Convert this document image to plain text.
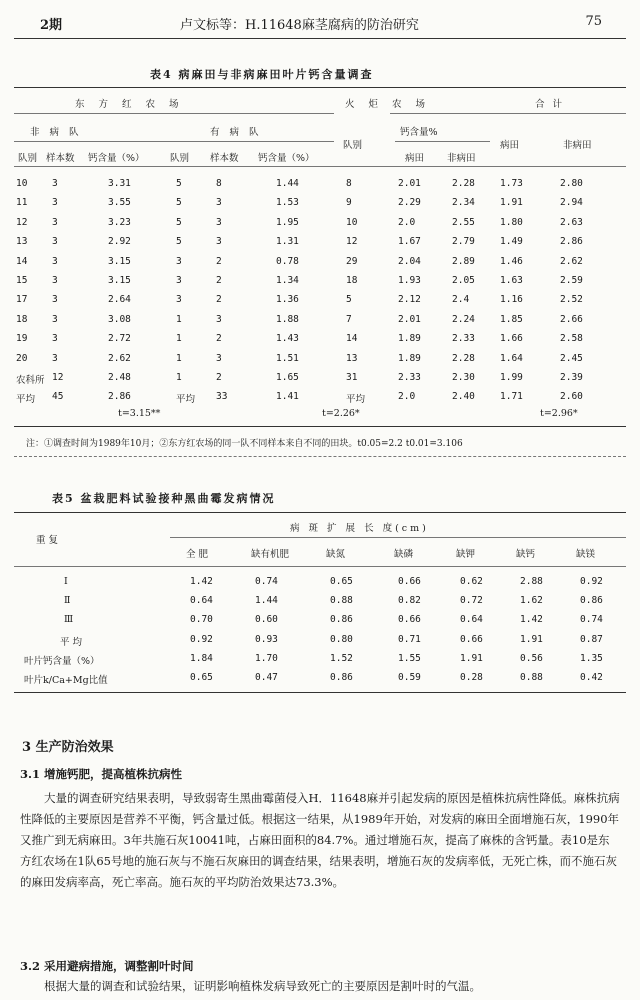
2期	卢文标等：H.11648麻茎腐病的防治研究	75
表4 病麻田与非病麻田叶片钙含量调查
东方红农场	火炬农场	合计
非病队	有病队
队别
钙含量%
病田	非病田
队别 样本数 钙含量（%）	队别 样本数 钙含量（%）	病田 非病田
10	3	3.31	5	8	1.44	8	2.01	2.28	1.73	2.80
11	3	3.55	5	3	1.53	9	2.29	2.34	1.91	2.94
12	3	3.23	5	3	1.95	10	2.0	2.55	1.80	2.63
13	3	2.92	5	3	1.31	12	1.67	2.79	1.49	2.86
14	3	3.15	3	2	0.78	29	2.04	2.89	1.46	2.62
15	3	3.15	3	2	1.34	18	1.93	2.05	1.63	2.59
17	3	2.64	3	2	1.36	5	2.12	2.4	1.16	2.52
18	3	3.08	1	3	1.88	7	2.01	2.24	1.85	2.66
19	3	2.72	1	2	1.43	14	1.89	2.33	1.66	2.58
20	3	2.62	1	3	1.51	13	1.89	2.28	1.64	2.45
农科所 12	2.48	1	2	1.65	31	2.33	2.30	1.99	2.39
平均 45	2.86	平均 33	1.41	平均	2.0	2.40	1.71	2.60
t=3.15**	t=2.26*	t=2.96*
注：①调查时间为1989年10月；②东方红农场的同一队不同样本来自不同的田块。t0.05=2.2 t0.01=3.106
表5 盆栽肥料试验接种黑曲霉发病情况
重 复
病 斑 扩 展 长 度(cm)
全 肥	缺有机肥	缺氮	缺磷	缺钾	缺钙	缺镁
Ⅰ	1.42	0.74	0.65	0.66	0.62	2.88	0.92
Ⅱ	0.64	1.44	0.88	0.82	0.72	1.62	0.86
Ⅲ	0.70	0.60	0.86	0.66	0.64	1.42	0.74
平 均	0.92	0.93	0.80	0.71	0.66	1.91	0.87
叶片钙含量（%）	1.84	1.70	1.52	1.55	1.91	0.56	1.35
叶片k/Ca+Mg比值	0.65	0.47	0.86	0.59	0.28	0.88	0.42
3 生产防治效果
3.1 增施钙肥，提高植株抗病性
大量的调查研究结果表明，导致弱寄生黑曲霉菌侵入H．11648麻并引起发病的原因是植株抗病性降低。麻株抗病性降低的主要原因是营养不平衡，钙含量过低。根据这一结果，从1989年开始，对发病的麻田全面增施石灰，1990年又推广到无病麻田。3年共施石灰10041吨，占麻田面积的84.7%。通过增施石灰，提高了麻株的含钙量。表10是东方红农场在1队65号地的施石灰与不施石灰麻田的调查结果，结果表明，增施石灰的发病率低，无死亡株，而不施石灰的麻田发病率高，死亡率高。施石灰的平均防治效果达73.3%。
3.2 采用避病措施，调整割叶时间
根据大量的调查和试验结果，证明影响植株发病导致死亡的主要原因是割叶时的气温。
